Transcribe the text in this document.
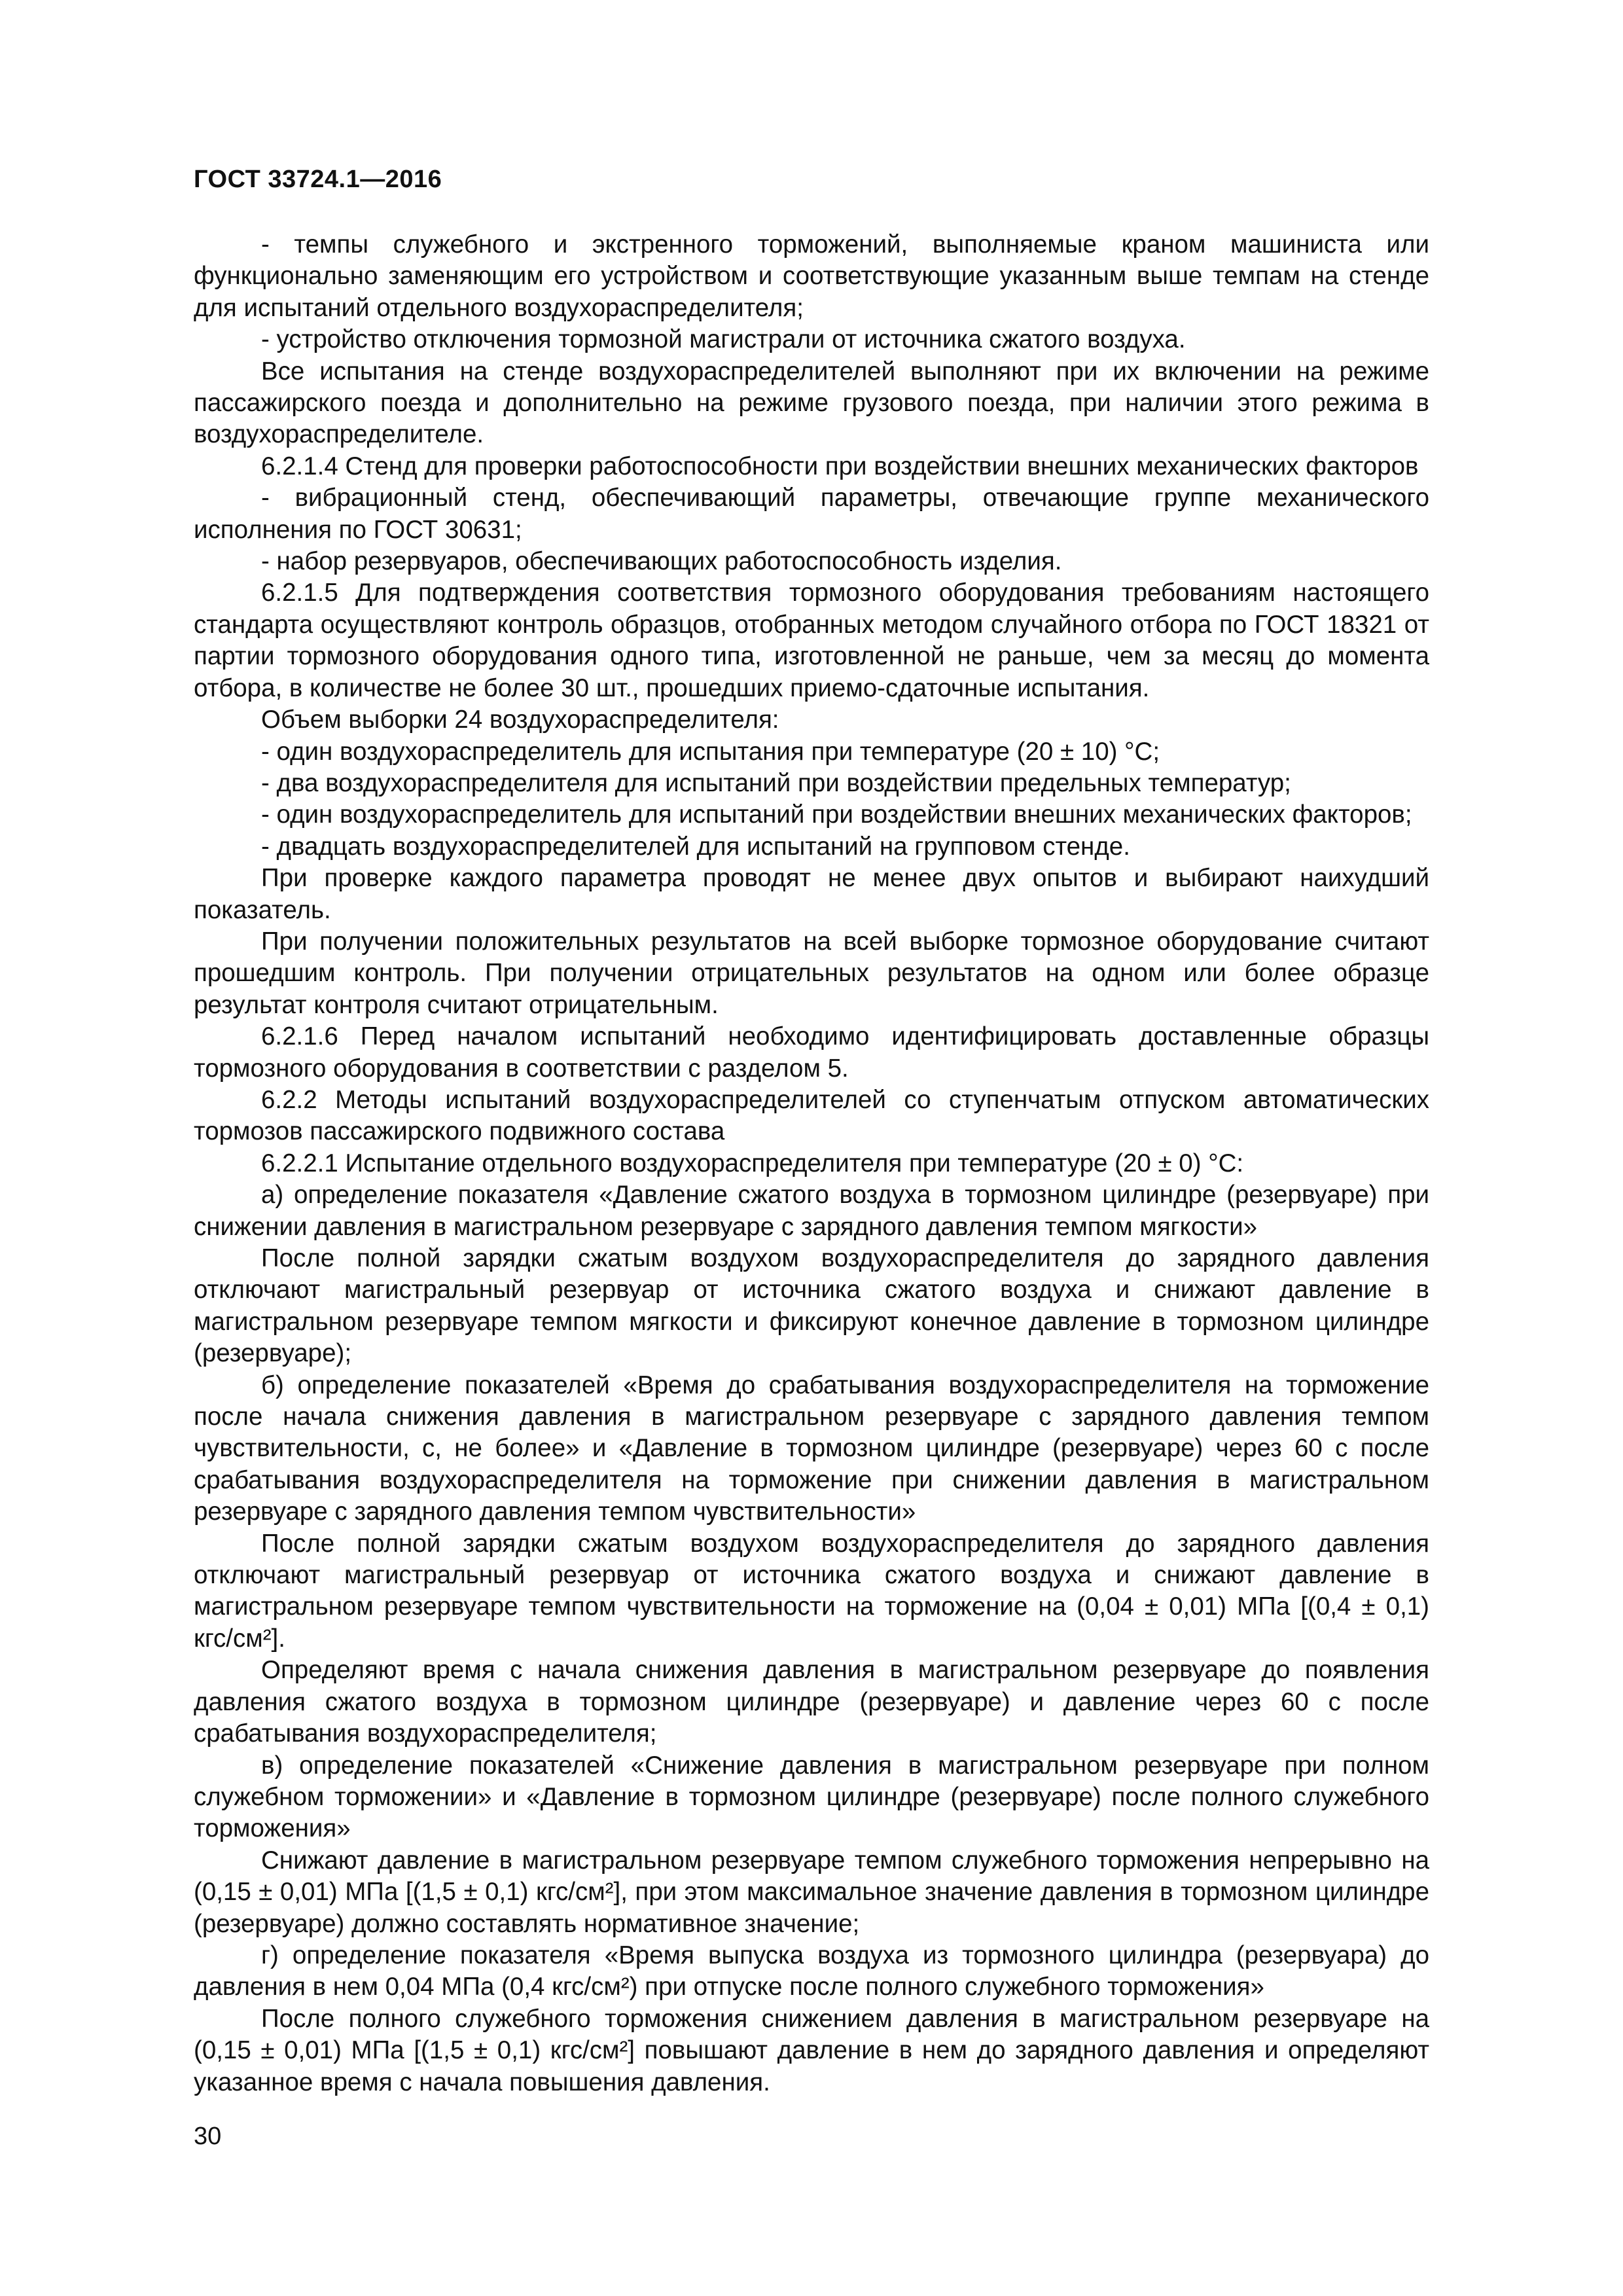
ГОСТ 33724.1—2016

- темпы служебного и экстренного торможений, выполняемые краном машиниста или функционально заменяющим его устройством и соответствующие указанным выше темпам на стенде для испытаний отдельного воздухораспределителя;

- устройство отключения тормозной магистрали от источника сжатого воздуха.

Все испытания на стенде воздухораспределителей выполняют при их включении на режиме пассажирского поезда и дополнительно на режиме грузового поезда, при наличии этого режима в воздухораспределителе.

6.2.1.4 Стенд для проверки работоспособности при воздействии внешних механических факторов

- вибрационный стенд, обеспечивающий параметры, отвечающие группе механического исполнения по ГОСТ 30631;

- набор резервуаров, обеспечивающих работоспособность изделия.

6.2.1.5 Для подтверждения соответствия тормозного оборудования требованиям настоящего стандарта осуществляют контроль образцов, отобранных методом случайного отбора по ГОСТ 18321 от партии тормозного оборудования одного типа, изготовленной не раньше, чем за месяц до момента отбора, в количестве не более 30 шт., прошедших приемо-сдаточные испытания.

Объем выборки 24 воздухораспределителя:

- один воздухораспределитель для испытания при температуре (20 ± 10) °С;

- два воздухораспределителя для испытаний при воздействии предельных температур;

- один воздухораспределитель для испытаний при воздействии внешних механических факторов;

- двадцать воздухораспределителей для испытаний на групповом стенде.

При проверке каждого параметра проводят не менее двух опытов и выбирают наихудший показатель.

При получении положительных результатов на всей выборке тормозное оборудование считают прошедшим контроль. При получении отрицательных результатов на одном или более образце результат контроля считают отрицательным.

6.2.1.6 Перед началом испытаний необходимо идентифицировать доставленные образцы тормозного оборудования в соответствии с разделом 5.

6.2.2 Методы испытаний воздухораспределителей со ступенчатым отпуском автоматических тормозов пассажирского подвижного состава

6.2.2.1 Испытание отдельного воздухораспределителя при температуре (20 ± 0) °С:

а) определение показателя «Давление сжатого воздуха в тормозном цилиндре (резервуаре) при снижении давления в магистральном резервуаре с зарядного давления темпом мягкости»

После полной зарядки сжатым воздухом воздухораспределителя до зарядного давления отключают магистральный резервуар от источника сжатого воздуха и снижают давление в магистральном резервуаре темпом мягкости и фиксируют конечное давление в тормозном цилиндре (резервуаре);

б) определение показателей «Время до срабатывания воздухораспределителя на торможение после начала снижения давления в магистральном резервуаре с зарядного давления темпом чувствительности, с, не более» и «Давление в тормозном цилиндре (резервуаре) через 60 с после срабатывания воздухораспределителя на торможение при снижении давления в магистральном резервуаре с зарядного давления темпом чувствительности»

После полной зарядки сжатым воздухом воздухораспределителя до зарядного давления отключают магистральный резервуар от источника сжатого воздуха и снижают давление в магистральном резервуаре темпом чувствительности на торможение на (0,04 ± 0,01) МПа [(0,4 ± 0,1) кгс/см²].

Определяют время с начала снижения давления в магистральном резервуаре до появления давления сжатого воздуха в тормозном цилиндре (резервуаре) и давление через 60 с после срабатывания воздухораспределителя;

в) определение показателей «Снижение давления в магистральном резервуаре при полном служебном торможении» и «Давление в тормозном цилиндре (резервуаре) после полного служебного торможения»

Снижают давление в магистральном резервуаре темпом служебного торможения непрерывно на (0,15 ± 0,01) МПа [(1,5 ± 0,1) кгс/см²], при этом максимальное значение давления в тормозном цилиндре (резервуаре) должно составлять нормативное значение;

г) определение показателя «Время выпуска воздуха из тормозного цилиндра (резервуара) до давления в нем 0,04 МПа (0,4 кгс/см²) при отпуске после полного служебного торможения»

После полного служебного торможения снижением давления в магистральном резервуаре на (0,15 ± 0,01) МПа [(1,5 ± 0,1) кгс/см²] повышают давление в нем до зарядного давления и определяют указанное время с начала повышения давления.

30
